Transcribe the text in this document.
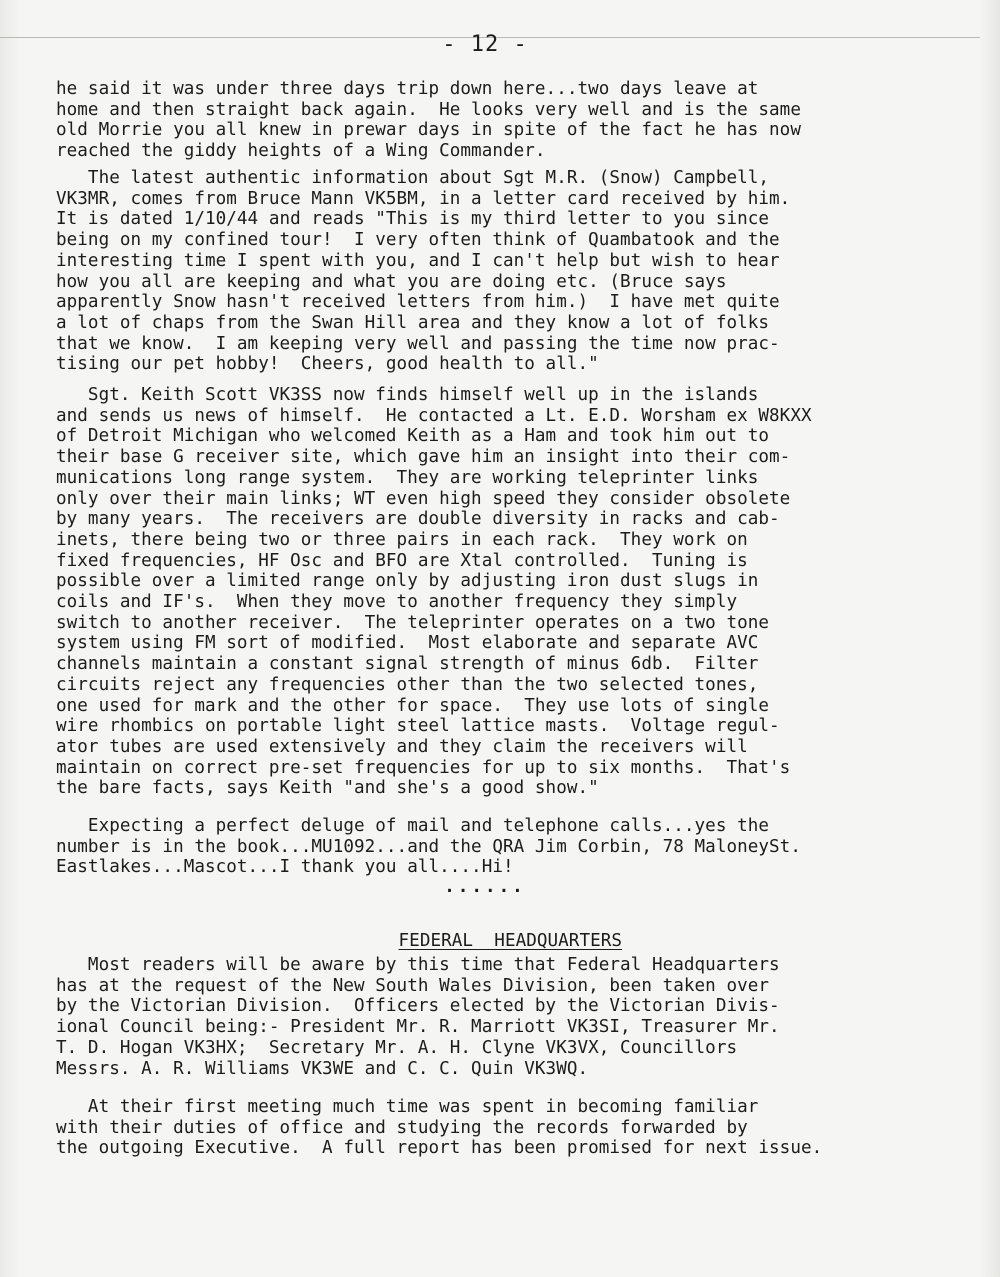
- 12 -
he said it was under three days trip down here...two days leave at
home and then straight back again.  He looks very well and is the same
old Morrie you all knew in prewar days in spite of the fact he has now
reached the giddy heights of a Wing Commander.
The latest authentic information about Sgt M.R. (Snow) Campbell,
VK3MR, comes from Bruce Mann VK5BM, in a letter card received by him.
It is dated 1/10/44 and reads "This is my third letter to you since
being on my confined tour!  I very often think of Quambatook and the
interesting time I spent with you, and I can't help but wish to hear
how you all are keeping and what you are doing etc. (Bruce says
apparently Snow hasn't received letters from him.)  I have met quite
a lot of chaps from the Swan Hill area and they know a lot of folks
that we know.  I am keeping very well and passing the time now prac-
tising our pet hobby!  Cheers, good health to all."
Sgt. Keith Scott VK3SS now finds himself well up in the islands
and sends us news of himself.  He contacted a Lt. E.D. Worsham ex W8KXX
of Detroit Michigan who welcomed Keith as a Ham and took him out to
their base G receiver site, which gave him an insight into their com-
munications long range system.  They are working teleprinter links
only over their main links; WT even high speed they consider obsolete
by many years.  The receivers are double diversity in racks and cab-
inets, there being two or three pairs in each rack.  They work on
fixed frequencies, HF Osc and BFO are Xtal controlled.  Tuning is
possible over a limited range only by adjusting iron dust slugs in
coils and IF's.  When they move to another frequency they simply
switch to another receiver.  The teleprinter operates on a two tone
system using FM sort of modified.  Most elaborate and separate AVC
channels maintain a constant signal strength of minus 6db.  Filter
circuits reject any frequencies other than the two selected tones,
one used for mark and the other for space.  They use lots of single
wire rhombics on portable light steel lattice masts.  Voltage regul-
ator tubes are used extensively and they claim the receivers will
maintain on correct pre-set frequencies for up to six months.  That's
the bare facts, says Keith "and she's a good show."
Expecting a perfect deluge of mail and telephone calls...yes the
number is in the book...MU1092...and the QRA Jim Corbin, 78 MaloneySt.
Eastlakes...Mascot...I thank you all....Hi!
......

FEDERAL  HEADQUARTERS

Most readers will be aware by this time that Federal Headquarters
has at the request of the New South Wales Division, been taken over
by the Victorian Division.  Officers elected by the Victorian Divis-
ional Council being:- President Mr. R. Marriott VK3SI, Treasurer Mr.
T. D. Hogan VK3HX;  Secretary Mr. A. H. Clyne VK3VX, Councillors
Messrs. A. R. Williams VK3WE and C. C. Quin VK3WQ.
At their first meeting much time was spent in becoming familiar
with their duties of office and studying the records forwarded by
the outgoing Executive.  A full report has been promised for next issue.
